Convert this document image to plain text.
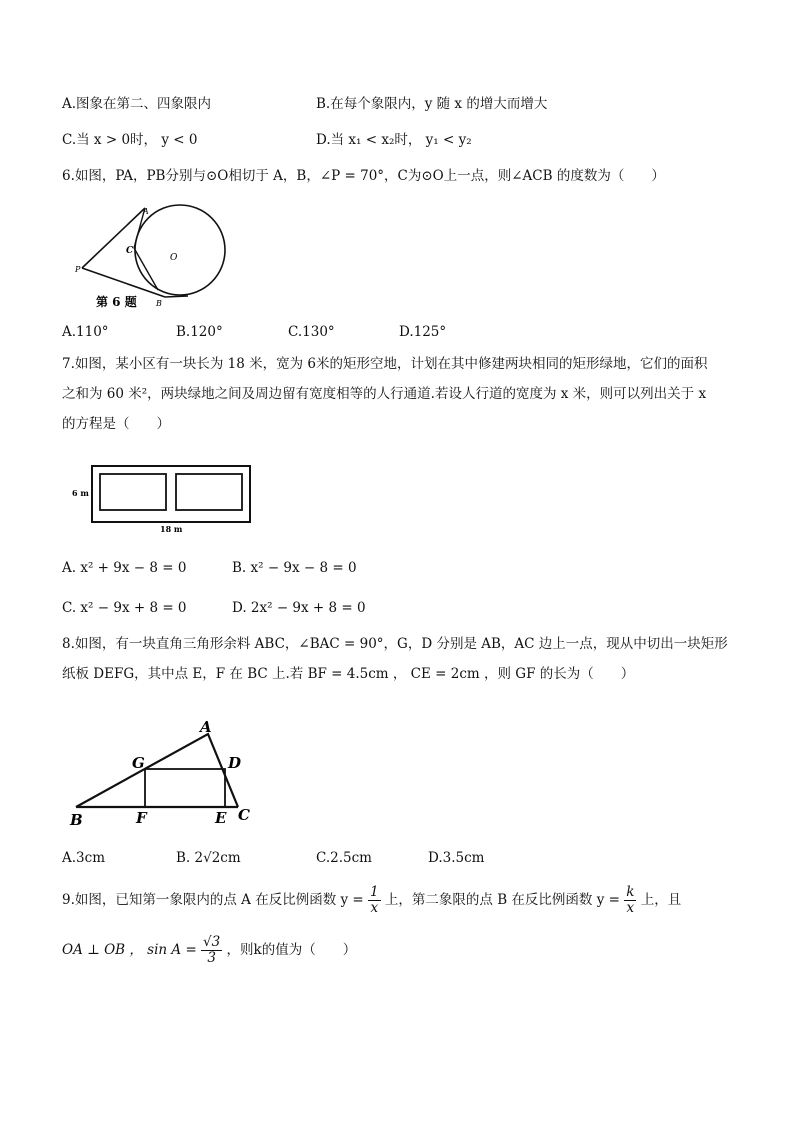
A.图象在第二、四象限内	B.在每个象限内，y 随 x 的增大而增大
C.当 x > 0时， y < 0	D.当 x₁ < x₂时， y₁ < y₂
6.如图，PA，PB分别与⊙O相切于 A，B，∠P = 70°，C为⊙O上一点，则∠ACB 的度数为（　　）
A
C
O
P
B
第 6 题
A.110°	B.120°	C.130°	D.125°
7.如图，某小区有一块长为 18 米，宽为 6米的矩形空地，计划在其中修建两块相同的矩形绿地，它们的面积
之和为 60 米²，两块绿地之间及周边留有宽度相等的人行通道.若设人行道的宽度为 x 米，则可以列出关于 x
的方程是（　　）
6 m
18 m
A. x² + 9x − 8 = 0	B. x² − 9x − 8 = 0
C. x² − 9x + 8 = 0	D. 2x² − 9x + 8 = 0
8.如图，有一块直角三角形余料 ABC，∠BAC = 90°，G，D 分别是 AB，AC 边上一点，现从中切出一块矩形
纸板 DEFG，其中点 E，F 在 BC 上.若 BF = 4.5cm ， CE = 2cm ，则 GF 的长为（　　）
A
G	D
B	F	E C
A.3cm	B. 2√2cm	C.2.5cm	D.3.5cm
9.如图，已知第一象限内的点 A 在反比例函数 $y = \frac{1}{x}$ 上，第二象限的点 B 在反比例函数 $y = \frac{k}{x}$ 上，且
OA ⊥ OB ， $\sin A = \frac{√3}{3}$ ，则k的值为（　　）
